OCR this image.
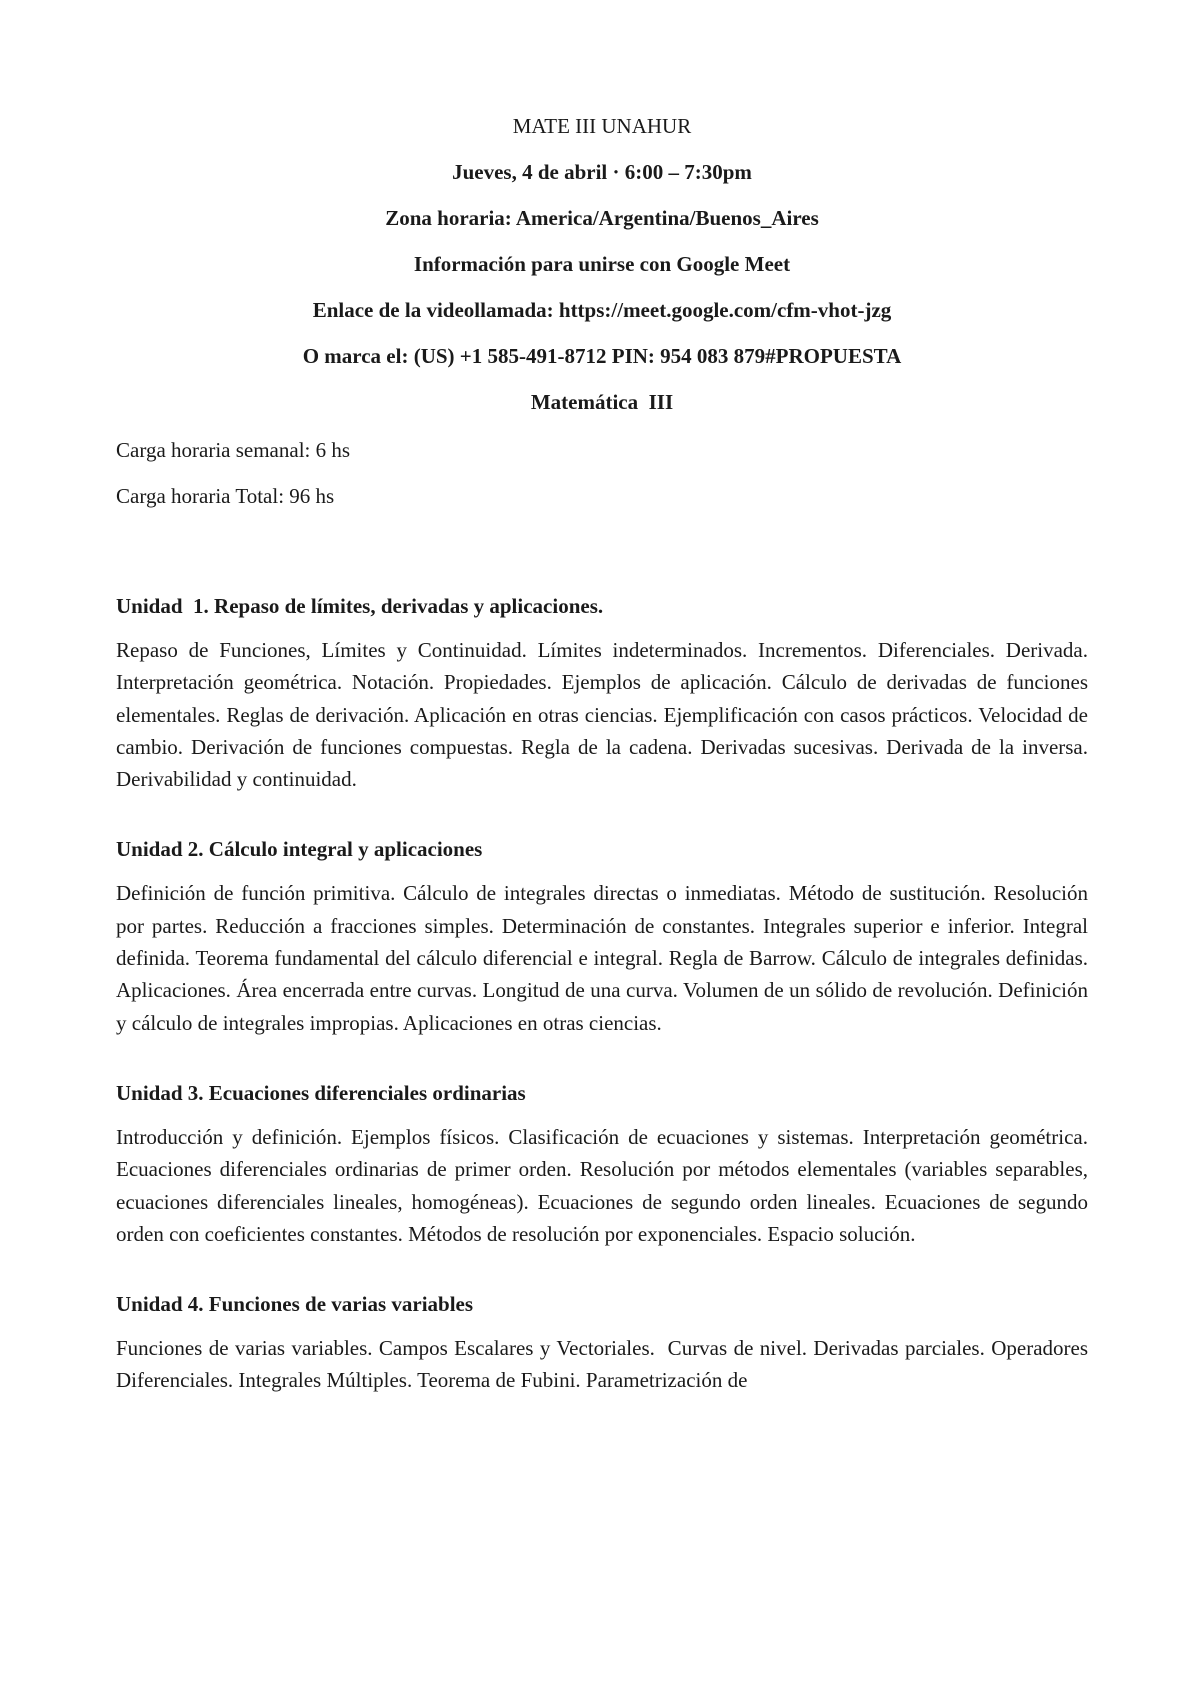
MATE III UNAHUR

Jueves, 4 de abril · 6:00 – 7:30pm

Zona horaria: America/Argentina/Buenos_Aires

Información para unirse con Google Meet

Enlace de la videollamada: https://meet.google.com/cfm-vhot-jzg

O marca el: (US) +1 585-491-8712 PIN: 954 083 879#PROPUESTA

Matemática  III

Carga horaria semanal: 6 hs

Carga horaria Total: 96 hs

Unidad  1. Repaso de límites, derivadas y aplicaciones.

Repaso de Funciones, Límites y Continuidad. Límites indeterminados. Incrementos. Diferenciales. Derivada. Interpretación geométrica. Notación. Propiedades. Ejemplos de aplicación. Cálculo de derivadas de funciones elementales. Reglas de derivación. Aplicación en otras ciencias. Ejemplificación con casos prácticos. Velocidad de cambio. Derivación de funciones compuestas. Regla de la cadena. Derivadas sucesivas. Derivada de la inversa. Derivabilidad y continuidad.

Unidad 2. Cálculo integral y aplicaciones

Definición de función primitiva. Cálculo de integrales directas o inmediatas. Método de sustitución. Resolución por partes. Reducción a fracciones simples. Determinación de constantes. Integrales superior e inferior. Integral definida. Teorema fundamental del cálculo diferencial e integral. Regla de Barrow. Cálculo de integrales definidas. Aplicaciones. Área encerrada entre curvas. Longitud de una curva. Volumen de un sólido de revolución. Definición y cálculo de integrales impropias. Aplicaciones en otras ciencias.

Unidad 3. Ecuaciones diferenciales ordinarias

Introducción y definición. Ejemplos físicos. Clasificación de ecuaciones y sistemas. Interpretación geométrica. Ecuaciones diferenciales ordinarias de primer orden. Resolución por métodos elementales (variables separables, ecuaciones diferenciales lineales, homogéneas). Ecuaciones de segundo orden lineales. Ecuaciones de segundo orden con coeficientes constantes. Métodos de resolución por exponenciales. Espacio solución.

Unidad 4. Funciones de varias variables

Funciones de varias variables. Campos Escalares y Vectoriales.  Curvas de nivel. Derivadas parciales. Operadores Diferenciales. Integrales Múltiples. Teorema de Fubini. Parametrización de
